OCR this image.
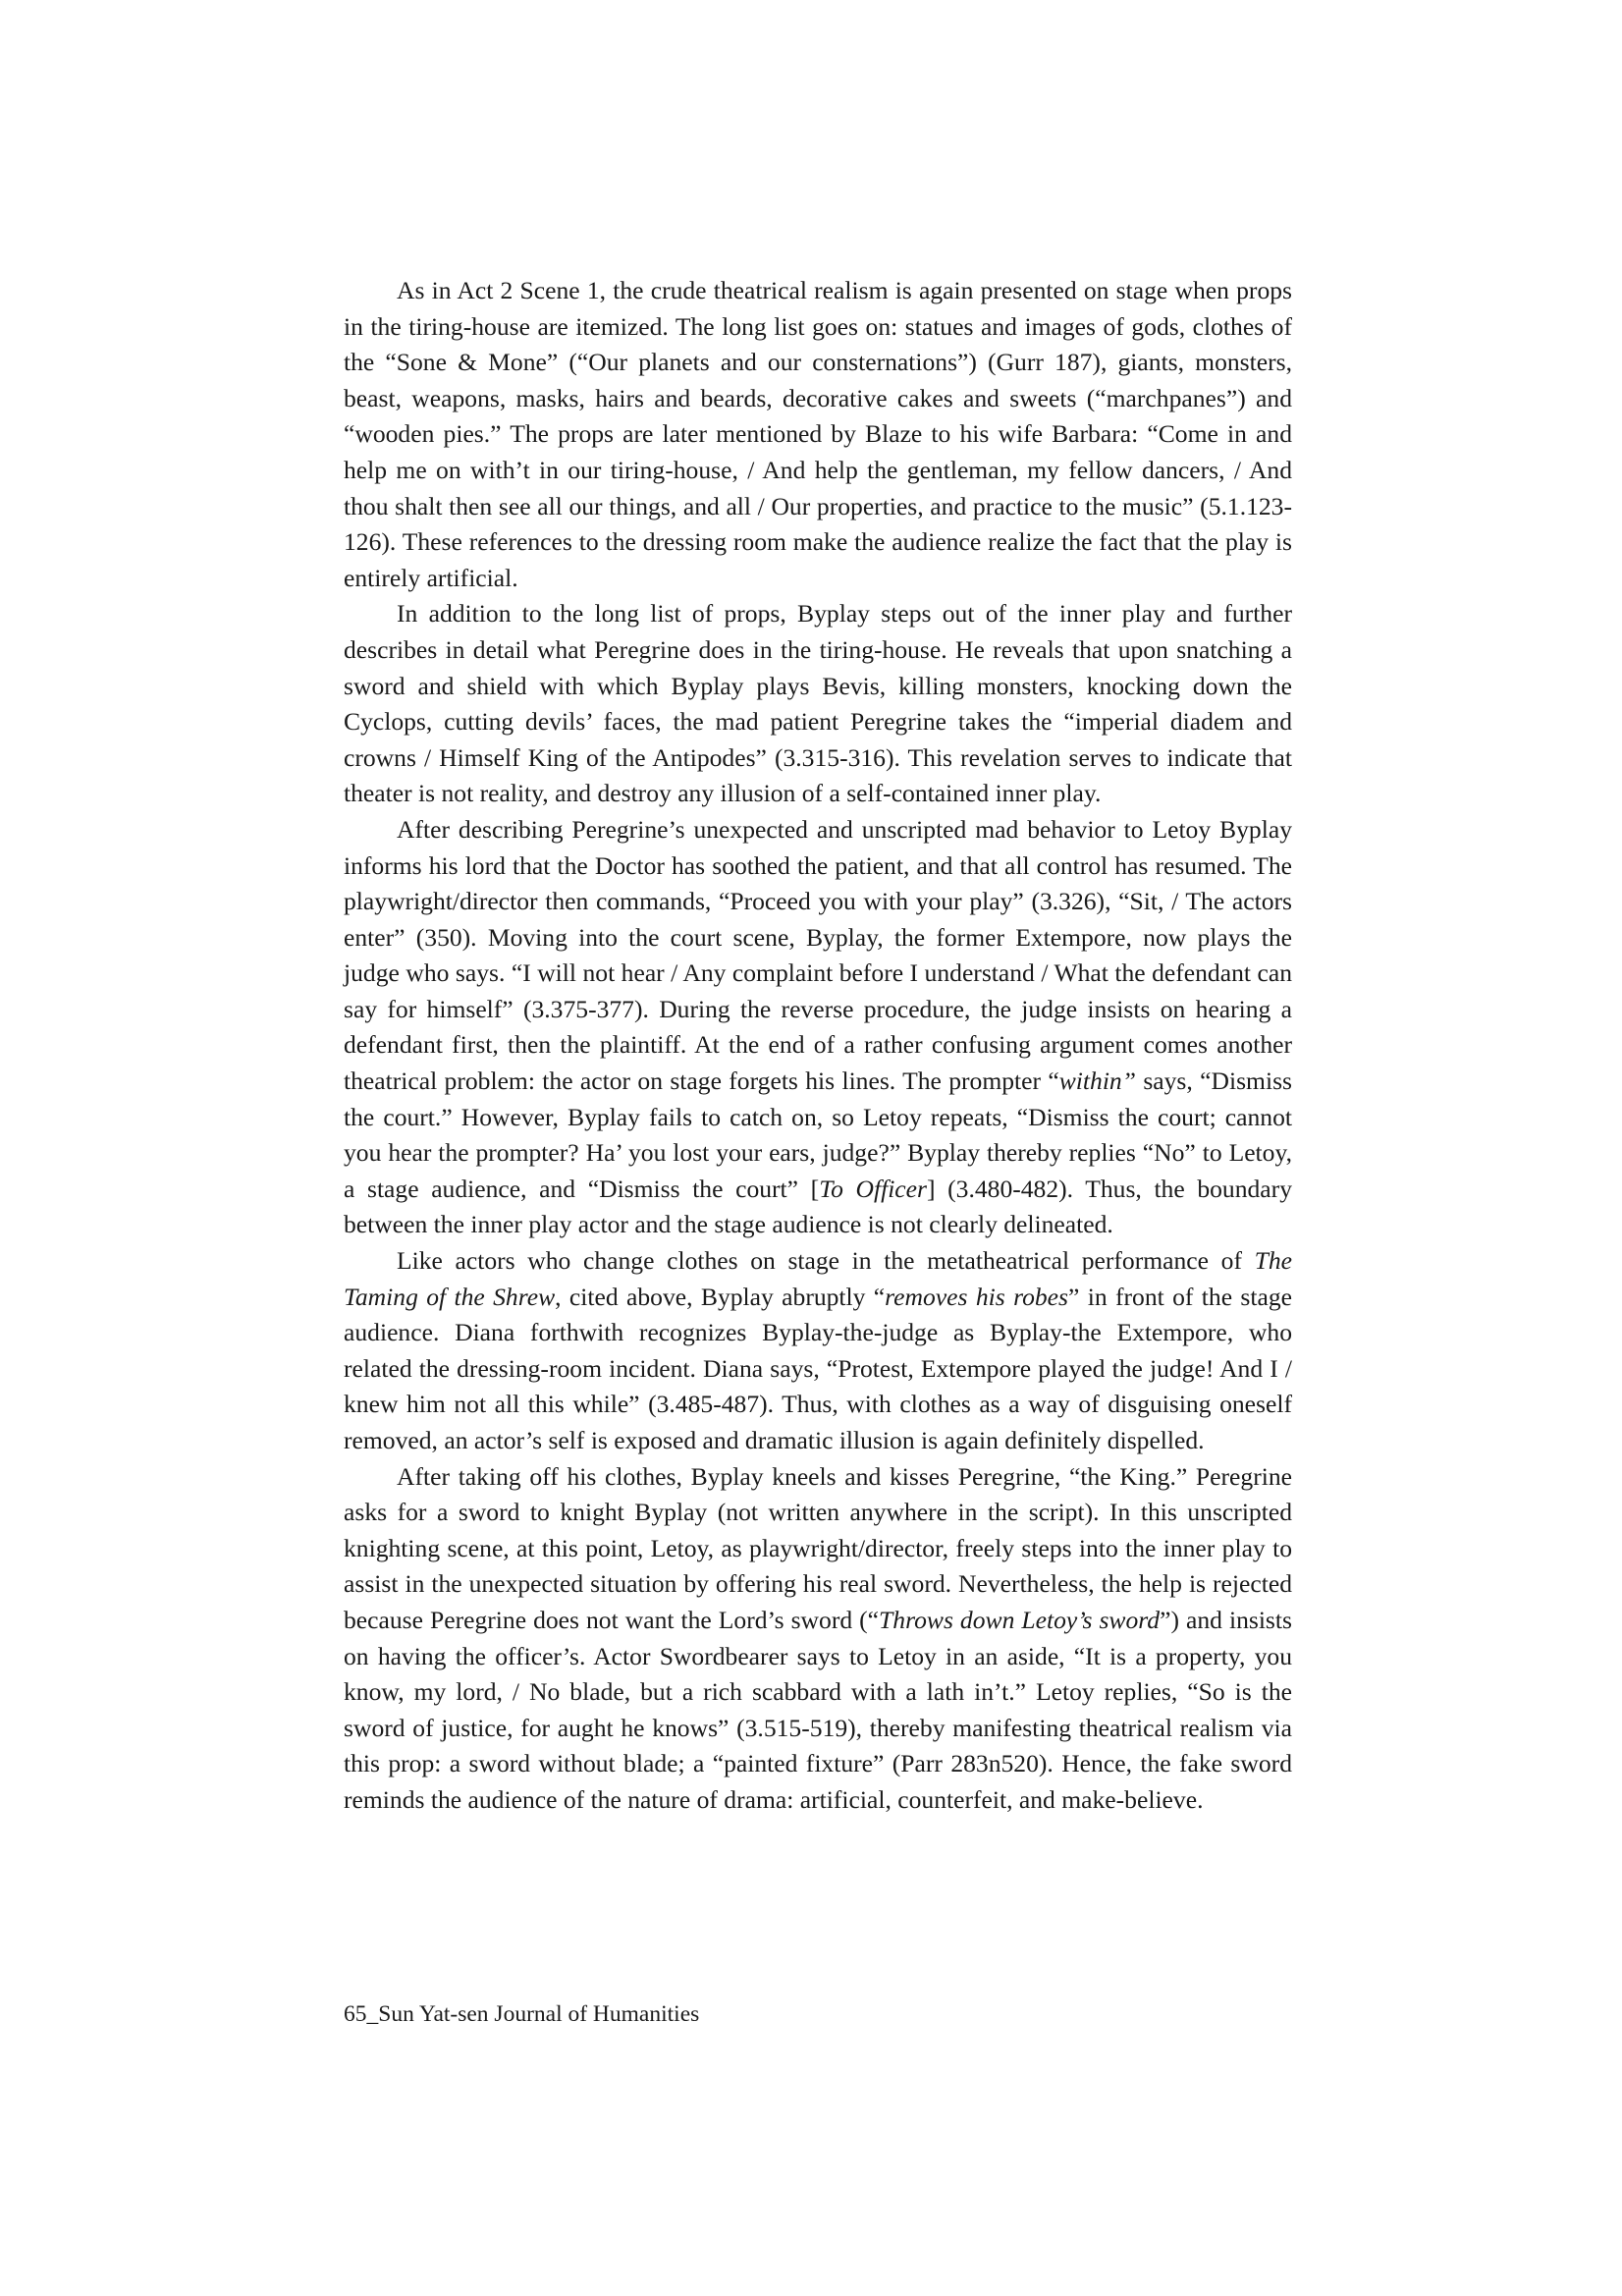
As in Act 2 Scene 1, the crude theatrical realism is again presented on stage when props in the tiring-house are itemized. The long list goes on: statues and images of gods, clothes of the “Sone & Mone” (“Our planets and our consternations”) (Gurr 187), giants, monsters, beast, weapons, masks, hairs and beards, decorative cakes and sweets (“marchpanes”) and “wooden pies.” The props are later mentioned by Blaze to his wife Barbara: “Come in and help me on with’t in our tiring-house, / And help the gentleman, my fellow dancers, / And thou shalt then see all our things, and all / Our properties, and practice to the music” (5.1.123-126). These references to the dressing room make the audience realize the fact that the play is entirely artificial.

In addition to the long list of props, Byplay steps out of the inner play and further describes in detail what Peregrine does in the tiring-house. He reveals that upon snatching a sword and shield with which Byplay plays Bevis, killing monsters, knocking down the Cyclops, cutting devils’ faces, the mad patient Peregrine takes the “imperial diadem and crowns / Himself King of the Antipodes” (3.315-316). This revelation serves to indicate that theater is not reality, and destroy any illusion of a self-contained inner play.

After describing Peregrine’s unexpected and unscripted mad behavior to Letoy Byplay informs his lord that the Doctor has soothed the patient, and that all control has resumed. The playwright/director then commands, “Proceed you with your play” (3.326), “Sit, / The actors enter” (350). Moving into the court scene, Byplay, the former Extempore, now plays the judge who says. “I will not hear / Any complaint before I understand / What the defendant can say for himself” (3.375-377). During the reverse procedure, the judge insists on hearing a defendant first, then the plaintiff. At the end of a rather confusing argument comes another theatrical problem: the actor on stage forgets his lines. The prompter “within” says, “Dismiss the court.” However, Byplay fails to catch on, so Letoy repeats, “Dismiss the court; cannot you hear the prompter? Ha’ you lost your ears, judge?” Byplay thereby replies “No” to Letoy, a stage audience, and “Dismiss the court” [To Officer] (3.480-482). Thus, the boundary between the inner play actor and the stage audience is not clearly delineated.

Like actors who change clothes on stage in the metatheatrical performance of The Taming of the Shrew, cited above, Byplay abruptly “removes his robes” in front of the stage audience. Diana forthwith recognizes Byplay-the-judge as Byplay-the Extempore, who related the dressing-room incident. Diana says, “Protest, Extempore played the judge! And I / knew him not all this while” (3.485-487). Thus, with clothes as a way of disguising oneself removed, an actor’s self is exposed and dramatic illusion is again definitely dispelled.

After taking off his clothes, Byplay kneels and kisses Peregrine, “the King.” Peregrine asks for a sword to knight Byplay (not written anywhere in the script). In this unscripted knighting scene, at this point, Letoy, as playwright/director, freely steps into the inner play to assist in the unexpected situation by offering his real sword. Nevertheless, the help is rejected because Peregrine does not want the Lord’s sword (“Throws down Letoy’s sword”) and insists on having the officer’s. Actor Swordbearer says to Letoy in an aside, “It is a property, you know, my lord, / No blade, but a rich scabbard with a lath in’t.” Letoy replies, “So is the sword of justice, for aught he knows” (3.515-519), thereby manifesting theatrical realism via this prop: a sword without blade; a “painted fixture” (Parr 283n520). Hence, the fake sword reminds the audience of the nature of drama: artificial, counterfeit, and make-believe.

65_Sun Yat-sen Journal of Humanities
